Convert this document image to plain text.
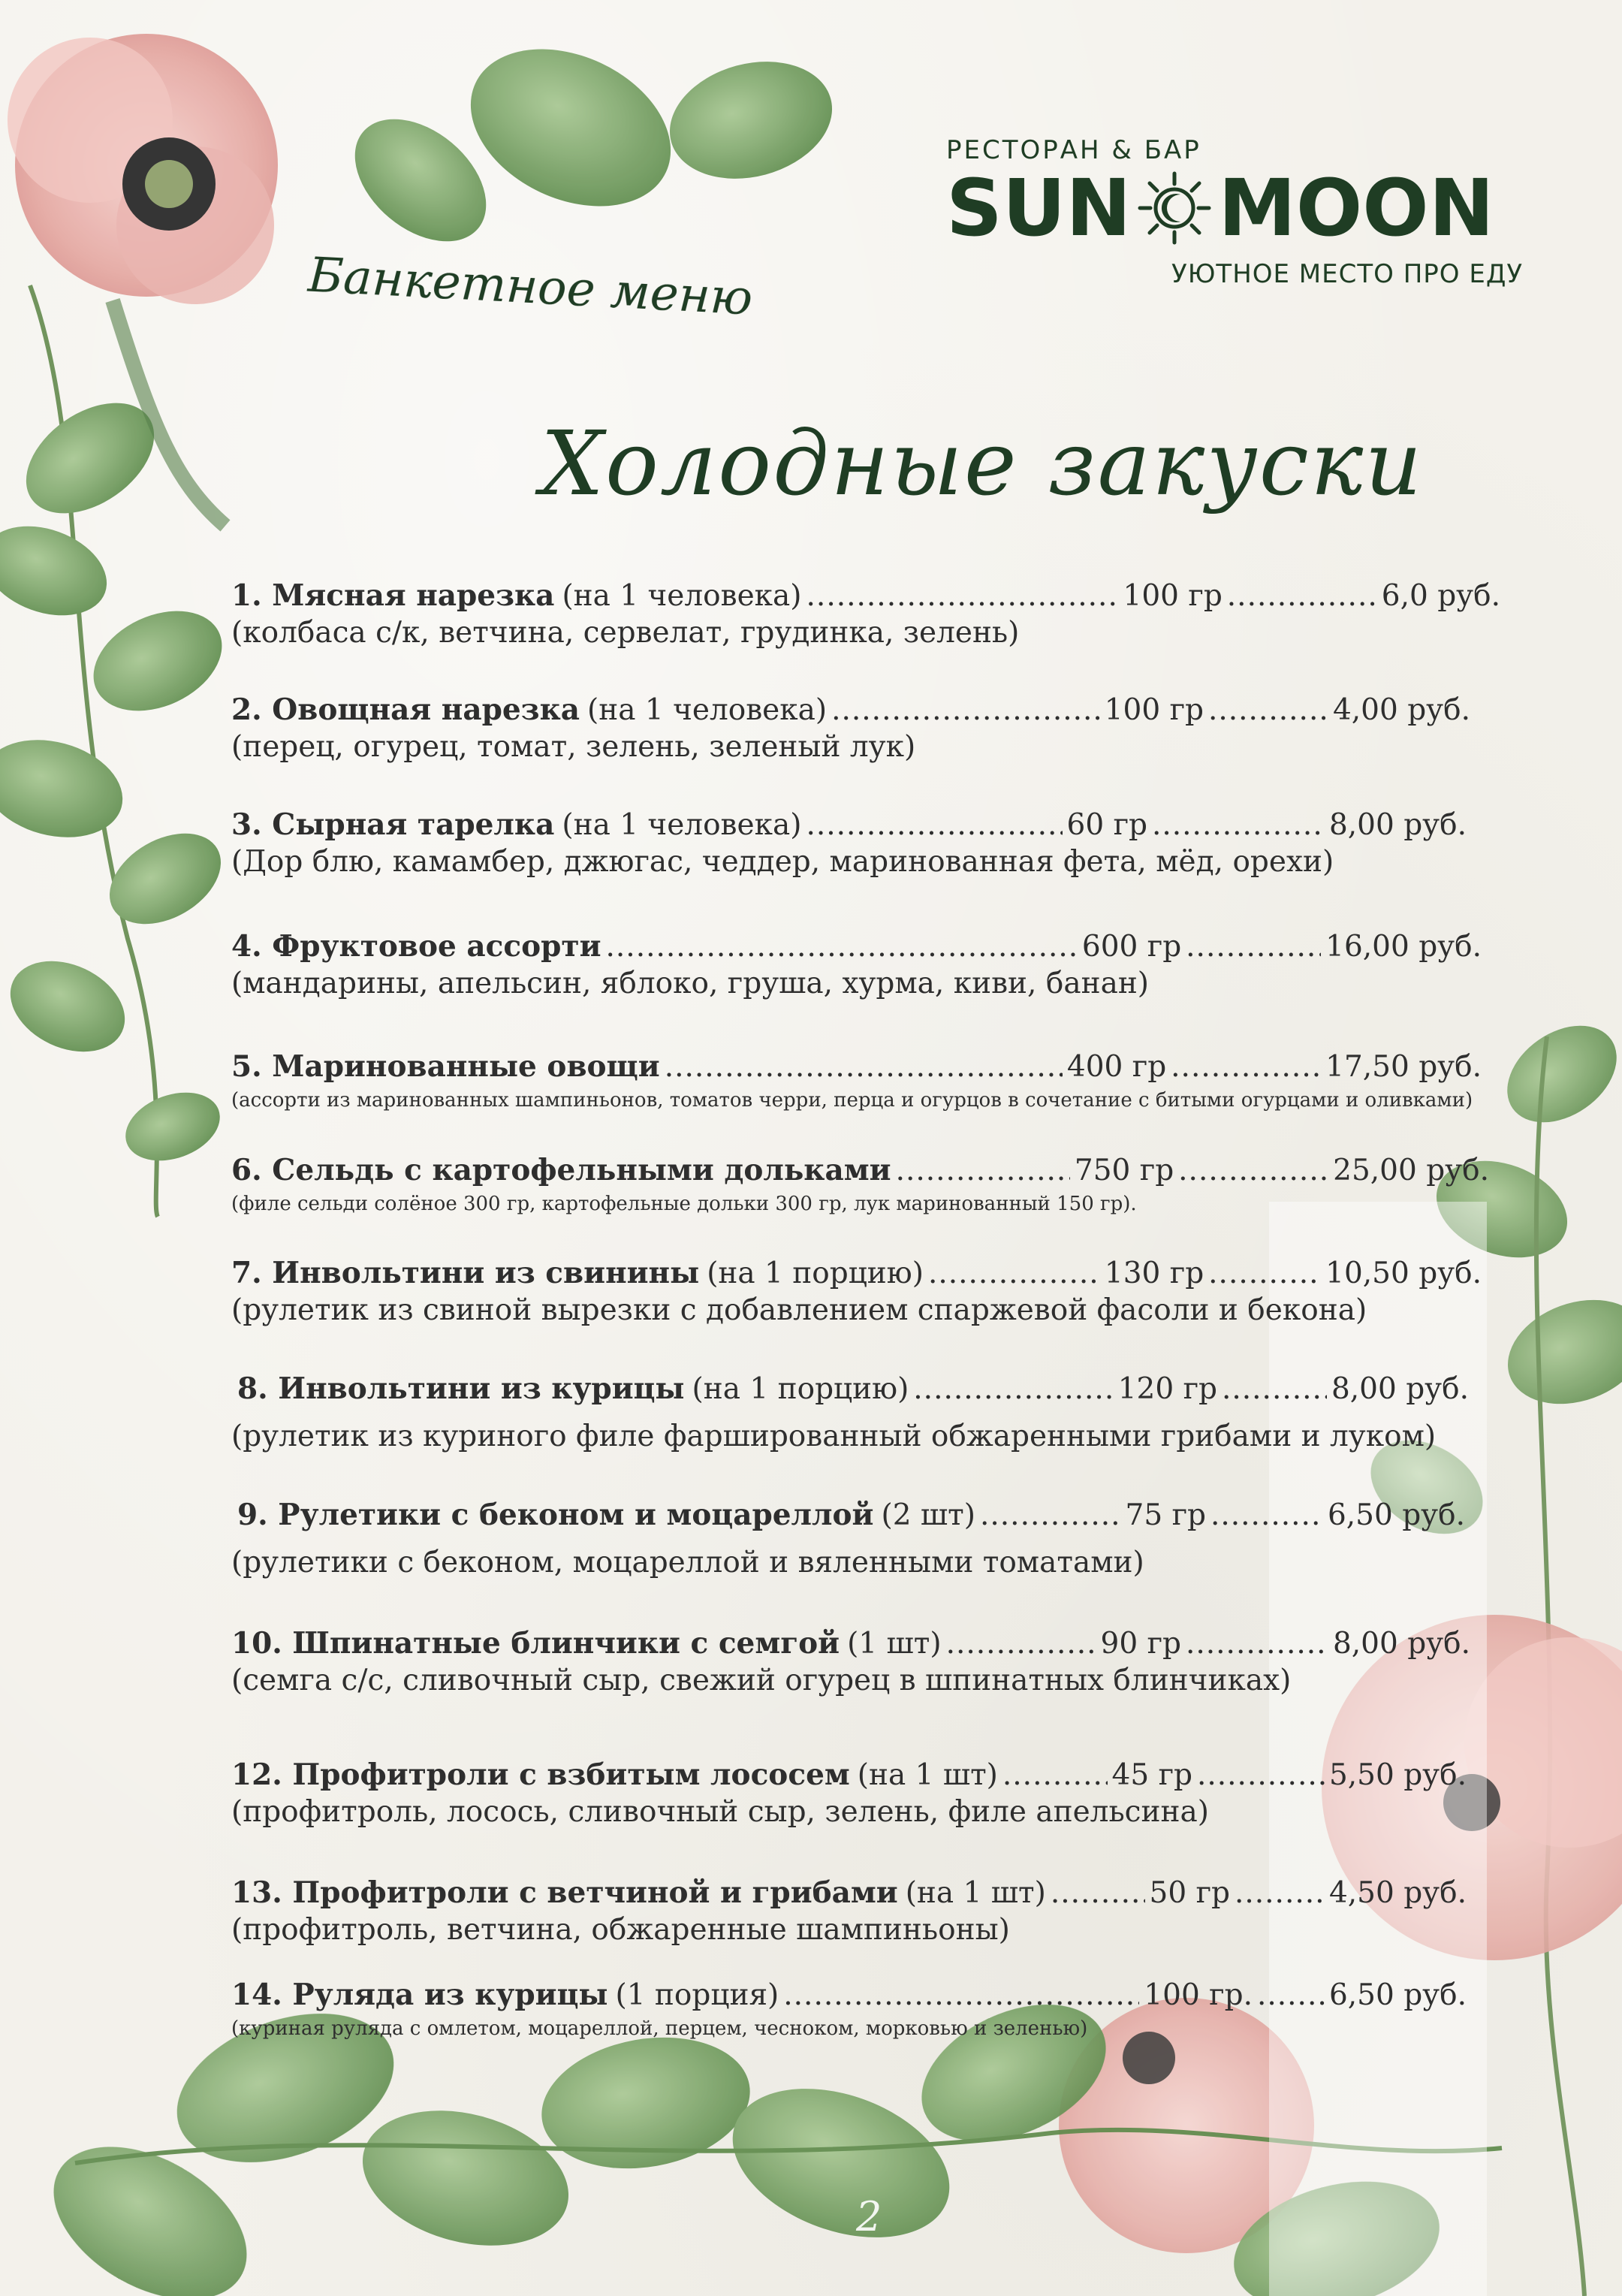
РЕСТОРАН & БАР
SUN MOON
УЮТНОЕ МЕСТО ПРО ЕДУ
Банкетное меню
Холодные закуски
1. Мясная нарезка (на 1 человека) .....	100 гр .....	6,0 руб.
(колбаса с/к, ветчина, сервелат, грудинка, зелень)
2. Овощная нарезка (на 1 человека) .....	100 гр .....	4,00 руб.
(перец, огурец, томат, зелень, зеленый лук)
3. Сырная тарелка (на 1 человека) .....	60 гр .....	8,00 руб.
(Дор блю, камамбер, джюгас, чеддер, маринованная фета, мёд, орехи)
4. Фруктовое ассорти .....	600 гр .....	16,00 руб.
(мандарины, апельсин, яблоко, груша, хурма, киви, банан)
5. Маринованные овощи .....	400 гр .....	17,50 руб.
(ассорти из маринованных шампиньонов, томатов черри, перца и огурцов в сочетание с битыми огурцами и оливками)
6. Сельдь с картофельными дольками .....	750 гр .....	25,00 руб.
(филе сельди солёное 300 гр, картофельные дольки 300 гр, лук маринованный 150 гр).
7. Инвольтини из свинины (на 1 порцию) .....	130 гр .....	10,50 руб.
(рулетик из свиной вырезки с добавлением спаржевой фасоли и бекона)
8. Инвольтини из курицы (на 1 порцию) .....	120 гр .....	8,00 руб.
(рулетик из куриного филе фаршированный обжаренными грибами и луком)
9. Рулетики с беконом и моцареллой (2 шт) .....	75 гр .....	6,50 руб.
(рулетики с беконом, моцареллой и вяленными томатами)
10. Шпинатные блинчики с семгой (1 шт) .....	90 гр .....	8,00 руб.
(семга с/с, сливочный сыр, свежий огурец в шпинатных блинчиках)
12. Профитроли с взбитым лососем (на 1 шт) .....	45 гр .....	5,50 руб.
(профитроль, лосось, сливочный сыр, зелень, филе апельсина)
13. Профитроли с ветчиной и грибами (на 1 шт) .....	50 гр .....	4,50 руб.
(профитроль, ветчина, обжаренные шампиньоны)
14. Руляда из курицы (1 порция) .....	100 гр. .....	6,50 руб.
(куриная руляда с омлетом, моцареллой, перцем, чесноком, морковью и зеленью)
2
